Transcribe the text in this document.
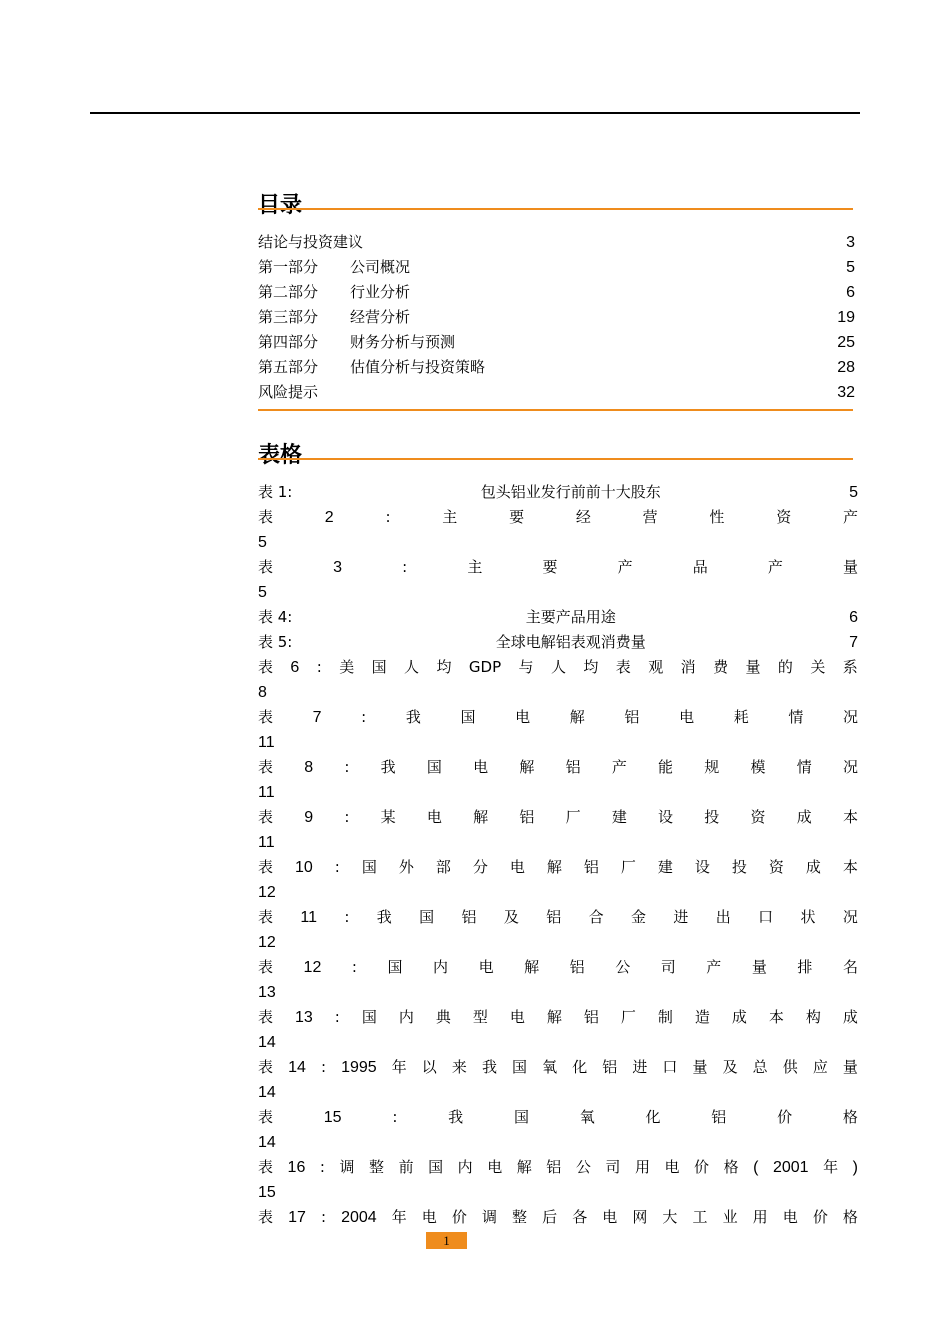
目录
结论与投资建议	3
第一部分 公司概况	5
第二部分 行业分析	6
第三部分 经营分析	19
第四部分 财务分析与预测	25
第五部分 估值分析与投资策略	28
风险提示	32
表格
表 1:	包头铝业发行前前十大股东	5
表	2	:	主	要	经	营	性	资	产
5
表	3	:	主	要	产	品	产	量
5
表 4:	主要产品用途	6
表 5:	全球电解铝表观消费量	7
表 6 : 美 国 人 均 GDP 与 人 均 表 观 消 费 量 的 关 系
8
表 7	:	我	国	电	解	铝	电	耗	情	况
11
表 8 : 我 国 电 解 铝 产 能 规 模 情 况
11
表 9 : 某 电 解 铝 厂 建 设 投 资 成 本
11
表 10 : 国 外 部 分 电 解 铝 厂 建 设 投 资 成 本
12
表 11 : 我 国 铝 及 铝 合 金 进 出 口 状 况
12
表 12 : 国 内 电 解 铝 公 司 产 量 排 名
13
表 13 : 国 内 典 型 电 解 铝 厂 制 造 成 本 构 成
14
表 14 : 1995 年 以 来 我 国 氧 化 铝 进 口 量 及 总 供 应 量
14
表	15	:	我	国	氧	化	铝	价	格
14
表 16 : 调 整 前 国 内 电 解 铝 公 司 用 电 价 格 ( 2001 年 )
15
表 17 : 2004 年 电 价 调 整 后 各 电 网 大 工 业 用 电 价 格
1
